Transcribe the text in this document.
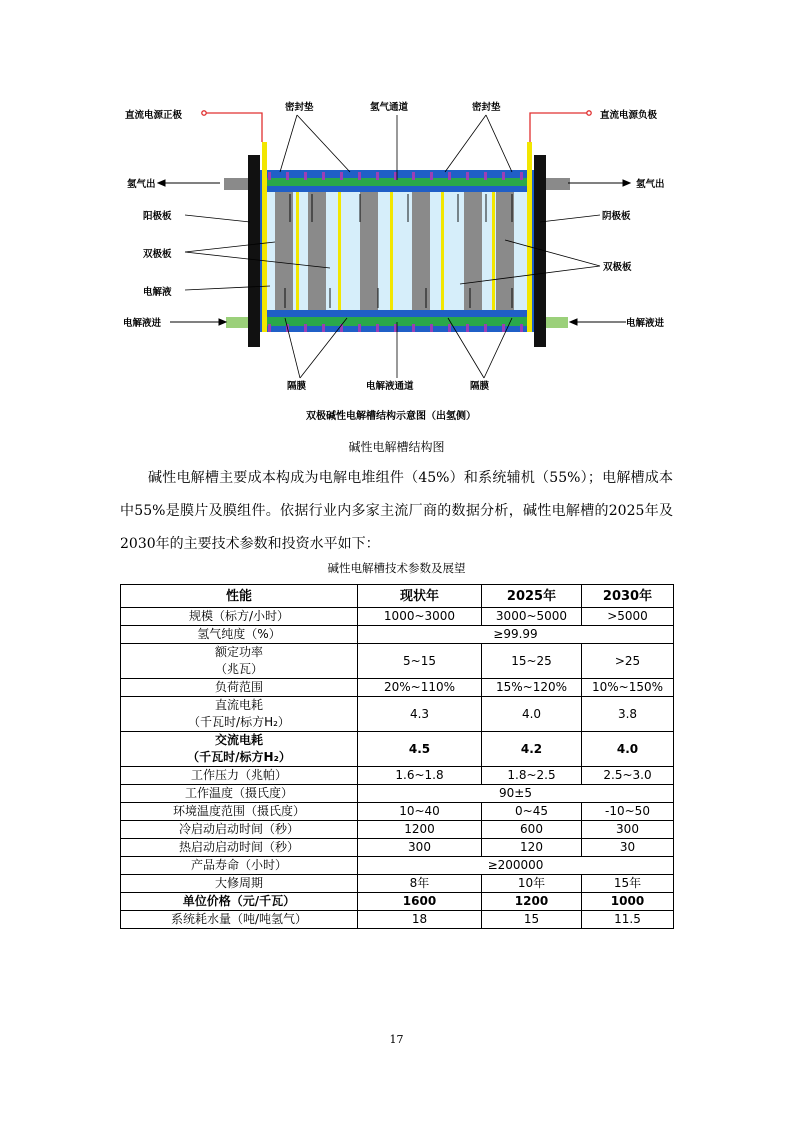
直流电源正极
密封垫	氢气通道	密封垫
直流电源负极
氢气出	氢气出
阳极板	阴极板
双极板
双极板
电解液
电解液进	电解液进
隔膜	电解液通道	隔膜
双极碱性电解槽结构示意图（出氢侧）
碱性电解槽结构图
碱性电解槽主要成本构成为电解电堆组件（45%）和系统辅机（55%）；电解槽成本中55%是膜片及膜组件。依据行业内多家主流厂商的数据分析，碱性电解槽的2025年及2030年的主要技术参数和投资水平如下：
碱性电解槽技术参数及展望
性能	现状年	2025年	2030年
规模（标方/小时）	1000~3000	3000~5000	>5000
氢气纯度（%）	≥99.99		

额定功率
（兆瓦）	5~15	15~25	>25
负荷范围	20%~110%	15%~120%	10%~150%

直流电耗
（千瓦时/标方H₂）	4.3	4.0	3.8

交流电耗
（千瓦时/标方H₂）	4.5	4.2	4.0
工作压力（兆帕）	1.6~1.8	1.8~2.5	2.5~3.0
工作温度（摄氏度）	90±5		
环境温度范围（摄氏度）	10~40	0~45	-10~50
冷启动启动时间（秒）	1200	600	300
热启动启动时间（秒）	300	120	30
产品寿命（小时）	≥200000		
大修周期	8年	10年	15年
单位价格（元/千瓦）	1600	1200	1000
系统耗水量（吨/吨氢气）	18	15	11.5
17
